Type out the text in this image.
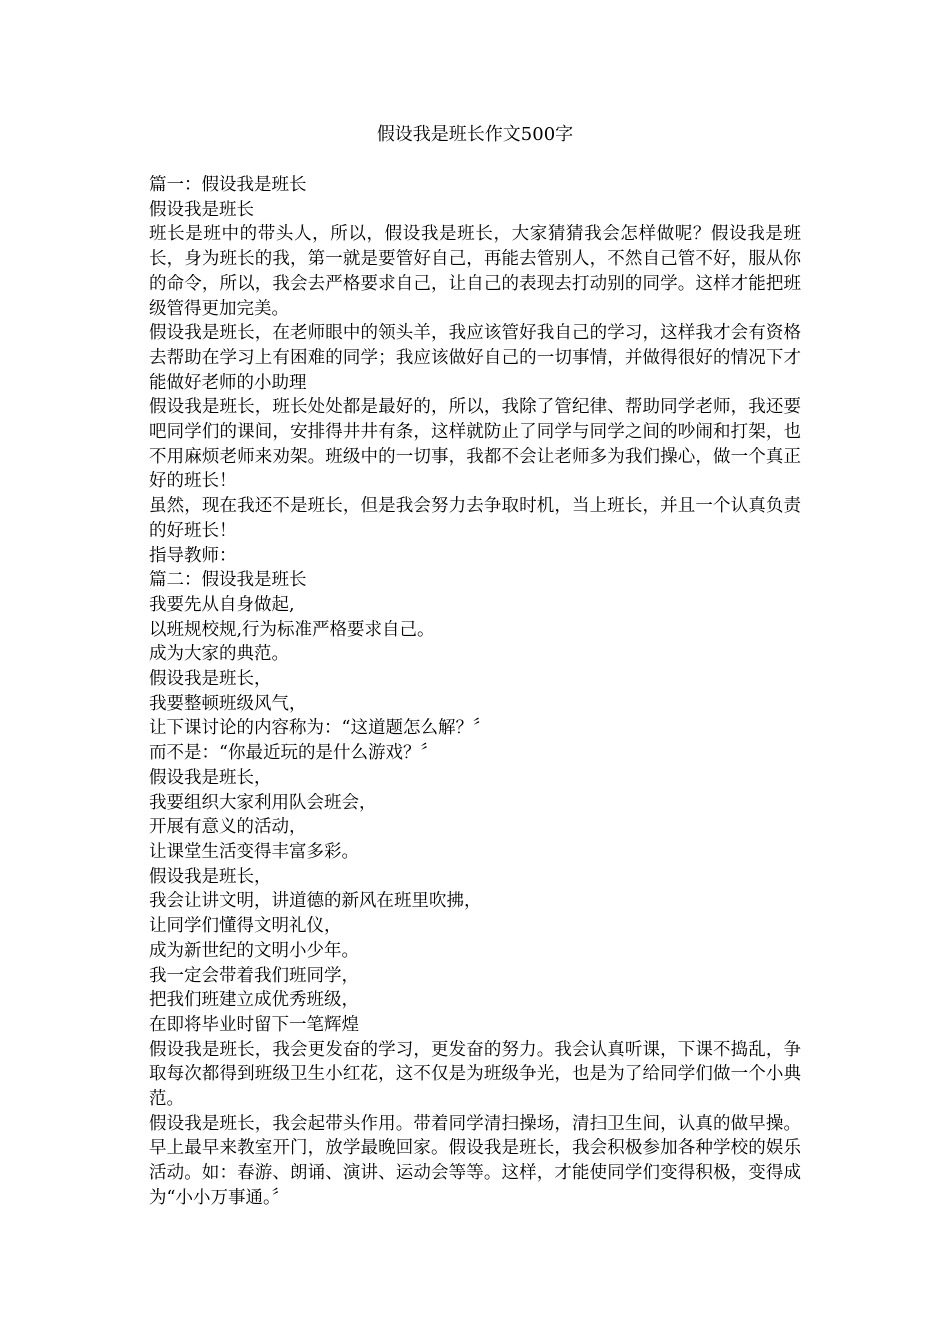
假设我是班长作文500字

篇一：假设我是班长

假设我是班长

班长是班中的带头人，所以，假设我是班长，大家猜猜我会怎样做呢？假设我是班长，身为班长的我，第一就是要管好自己，再能去管别人，不然自己管不好，服从你的命令，所以，我会去严格要求自己，让自己的表现去打动别的同学。这样才能把班级管得更加完美。

假设我是班长，在老师眼中的领头羊，我应该管好我自己的学习，这样我才会有资格去帮助在学习上有困难的同学；我应该做好自己的一切事情，并做得很好的情况下才能做好老师的小助理

假设我是班长，班长处处都是最好的，所以，我除了管纪律、帮助同学老师，我还要吧同学们的课间，安排得井井有条，这样就防止了同学与同学之间的吵闹和打架，也不用麻烦老师来劝架。班级中的一切事，我都不会让老师多为我们操心，做一个真正好的班长！

虽然，现在我还不是班长，但是我会努力去争取时机，当上班长，并且一个认真负责的好班长！

指导教师：

篇二：假设我是班长

我要先从自身做起,

以班规校规,行为标准严格要求自己。

成为大家的典范。

假设我是班长，

我要整顿班级风气，

让下课讨论的内容称为：“这道题怎么解？〞

而不是：“你最近玩的是什么游戏？〞

假设我是班长，

我要组织大家利用队会班会，

开展有意义的活动，

让课堂生活变得丰富多彩。

假设我是班长，

我会让讲文明，讲道德的新风在班里吹拂，

让同学们懂得文明礼仪，

成为新世纪的文明小少年。

我一定会带着我们班同学，

把我们班建立成优秀班级，

在即将毕业时留下一笔辉煌

假设我是班长，我会更发奋的学习，更发奋的努力。我会认真听课，下课不捣乱，争取每次都得到班级卫生小红花，这不仅是为班级争光，也是为了给同学们做一个小典范。

假设我是班长，我会起带头作用。带着同学清扫操场，清扫卫生间，认真的做早操。早上最早来教室开门，放学最晚回家。假设我是班长，我会积极参加各种学校的娱乐活动。如：春游、朗诵、演讲、运动会等等。这样，才能使同学们变得积极，变得成为“小小万事通。〞
